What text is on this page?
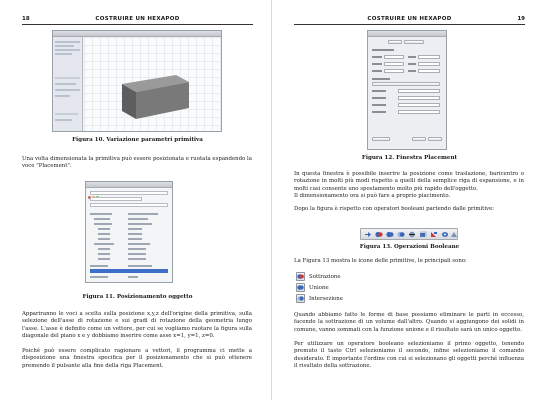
18	COSTRUIRE UN HEXAPOD
Figura 10. Variazione parametri primitiva
Una volta dimensionata la primitiva può essere posizionata e ruotata espandendo la voce "Placement".
Figura 11. Posizionamento oggetto
Appariranno le voci a scelta sulla posizione x,y,z dell'origine della primitiva, sulla selezione dell'asse di rotazione e sui gradi di rotazione della geometria lungo l'asse. L'asse è definito come un vettore, per cui se vogliamo ruotare la figura sulla diagonale del piano x e y dobbiamo inserire come asse x=1, y=1, z=0.
Poiché può essere complicato ragionare a vettori, il programma ci mette a disposizione una finestra specifica per il posizionamento che si può ottenere premendo il pulsante alla fine della riga Placement.
COSTRUIRE UN HEXAPOD	19
Figura 12. Finestra Placement
In questa finestra è possibile inserire la posizione come traslazione, baricentro o rotazione in molti più modi rispetto a quelli della semplice riga di espansione, e in molti casi consente uno spostamento molto più rapido dell'oggetto.
Il dimensionamento ora si può fare a proprio piacimento.
Dopo la figura è rispetto con operatori booleani partendo dalle primitive:
Figura 13. Operazioni Booleane
La Figura 13 mostra le icone delle primitive, le principali sono:
Sottrazione
Unione
Intersezione
Quando abbiamo fatto le forme di base possiamo eliminare le parti in eccesso, facendo la sottrazione di un volume dall'altro. Quando si aggiungono dei solidi in comune, vanno sommati con la funzione unione e il risultato sarà un unico oggetto.
Per utilizzare un operatore booleano selezioniamo il primo oggetto, tenendo premuto il tasto Ctrl selezioniamo il secondo, infine selezioniamo il comando desiderato. È importante l'ordine con cui si selezionano gli oggetti perché influenza il risultato della sottrazione.
